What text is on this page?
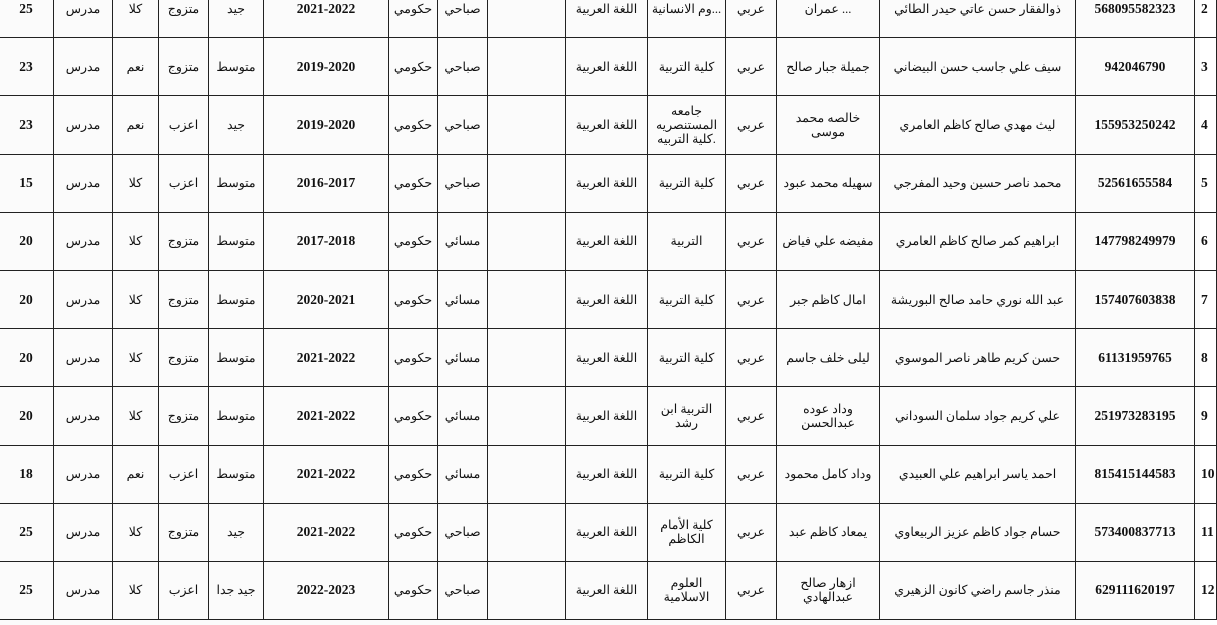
25	مدرس	كلا	متزوج	جيد	2021-2022	حكومي	صباحي		اللغة العربية	...وم الانسانية	عربي	... عمران	ذوالفقار حسن عاتي حيدر الطائي	568095582323	2
23	مدرس	نعم	متزوج	متوسط	2019-2020	حكومي	صباحي		اللغة العربية	كلية التربية	عربي	جميلة جبار صالح	سيف علي جاسب حسن البيضاني	942046790	3
23	مدرس	نعم	اعزب	جيد	2019-2020	حكومي	صباحي		اللغة العربية	جامعه المستنصريه .كلية التربيه	عربي	خالصه محمد موسى	ليث مهدي صالح كاظم العامري	155953250242	4
15	مدرس	كلا	اعزب	متوسط	2016-2017	حكومي	صباحي		اللغة العربية	كلية التربية	عربي	سهيله محمد عبود	محمد ناصر حسين وحيد المفرجي	52561655584	5
20	مدرس	كلا	متزوج	متوسط	2017-2018	حكومي	مسائي		اللغة العربية	التربية	عربي	مفيضه علي فياض	ابراهيم كمر صالح كاظم العامري	147798249979	6
20	مدرس	كلا	متزوج	متوسط	2020-2021	حكومي	مسائي		اللغة العربية	كلية التربية	عربي	امال كاظم جبر	عبد الله نوري حامد صالح البوريشة	157407603838	7
20	مدرس	كلا	متزوج	متوسط	2021-2022	حكومي	مسائي		اللغة العربية	كلية التربية	عربي	ليلى خلف جاسم	حسن كريم طاهر ناصر الموسوي	61131959765	8
20	مدرس	كلا	متزوج	متوسط	2021-2022	حكومي	مسائي		اللغة العربية	التربية ابن رشد	عربي	وداد عوده عبدالحسن	علي كريم جواد سلمان السوداني	251973283195	9
18	مدرس	نعم	اعزب	متوسط	2021-2022	حكومي	مسائي		اللغة العربية	كلية التربية	عربي	وداد كامل محمود	احمد ياسر ابراهيم علي العبيدي	815415144583	10
25	مدرس	كلا	متزوج	جيد	2021-2022	حكومي	صباحي		اللغة العربية	كلية الأمام الكاظم	عربي	يمعاد كاظم عبد	حسام جواد كاظم عزيز الربيعاوي	573400837713	11
25	مدرس	كلا	اعزب	جيد جدا	2022-2023	حكومي	صباحي		اللغة العربية	العلوم الاسلامية	عربي	ازهار صالح عبدالهادي	منذر جاسم راضي كانون الزهيري	629111620197	12
